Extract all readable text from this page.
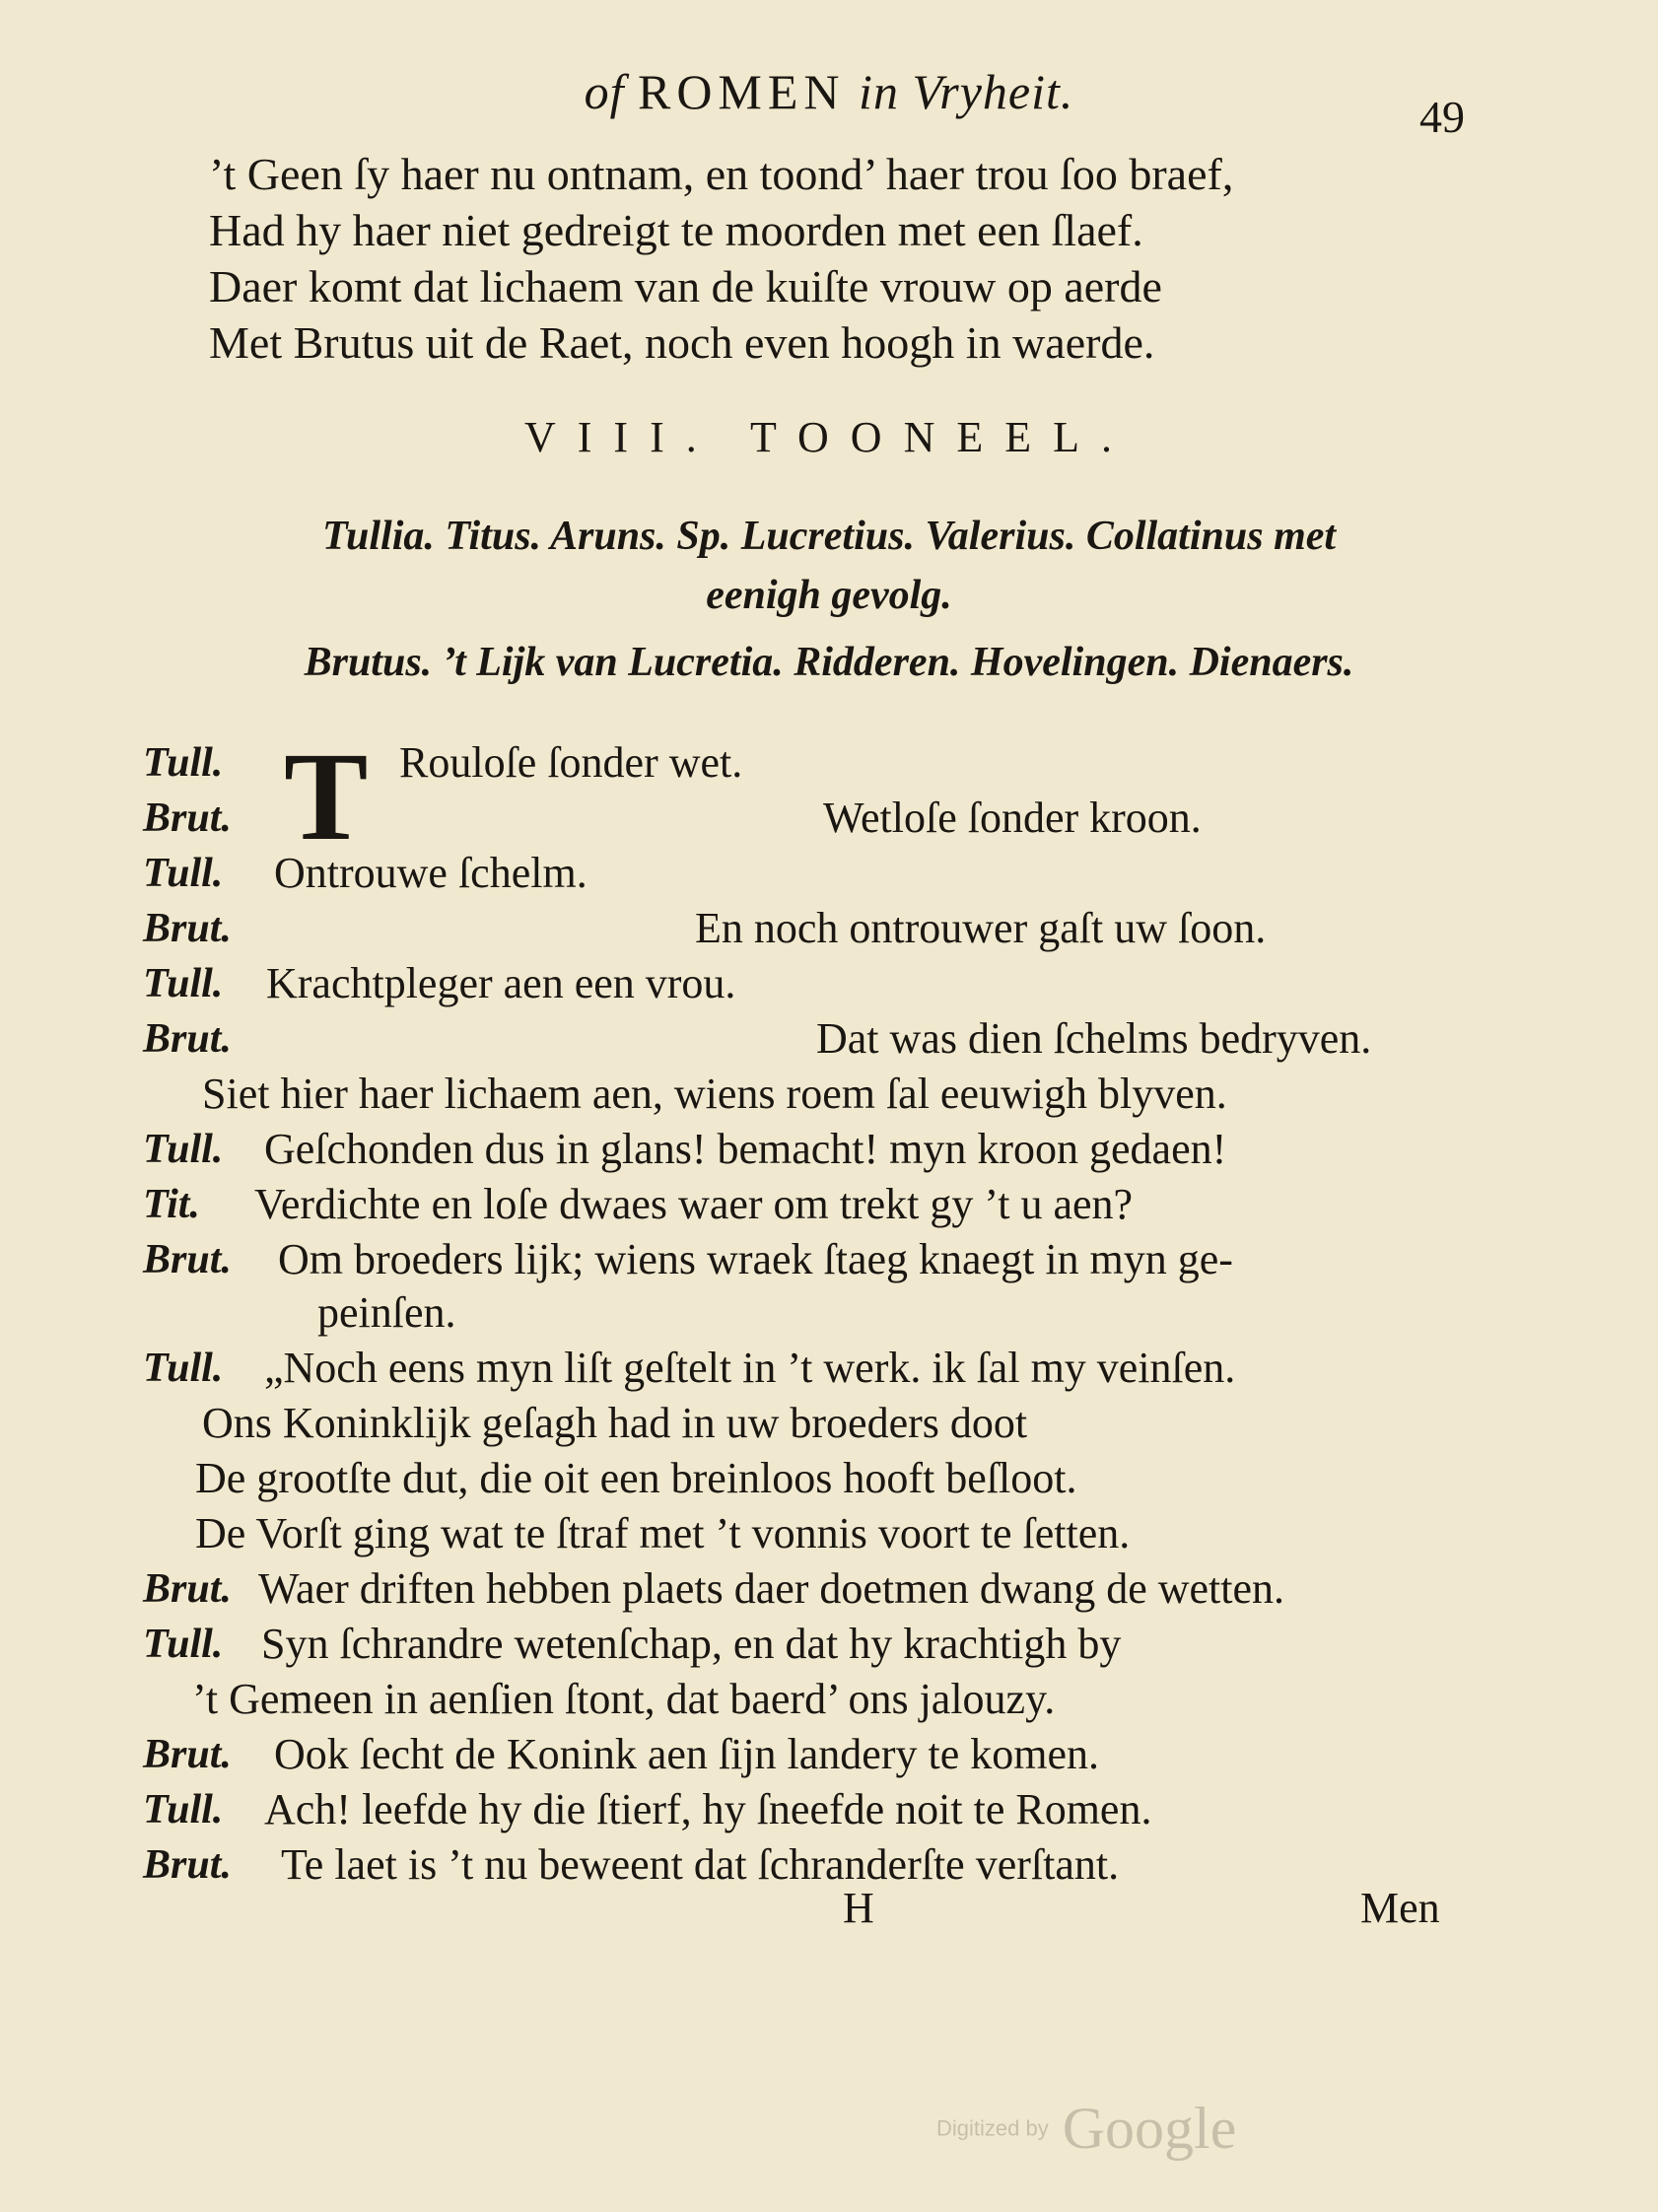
of ROMEN in Vryheit.	49
’t Geen ſy haer nu ontnam, en toond’ haer trou ſoo braef,
Had hy haer niet gedreigt te moorden met een ſlaef.
Daer komt dat lichaem van de kuiſte vrouw op aerde
Met Brutus uit de Raet, noch even hoogh in waerde.
VIII. TOONEEL.
Tullia. Titus. Aruns. Sp. Lucretius. Valerius. Collatinus met
eenigh gevolg.
Brutus. ’t Lijk van Lucretia. Ridderen. Hovelingen. Dienaers.
T
Tull.	Rouloſe ſonder wet.
Brut.	Wetloſe ſonder kroon.
Tull. Ontrouwe ſchelm.
Brut.	En noch ontrouwer gaſt uw ſoon.
Tull. Krachtpleger aen een vrou.
Brut.	Dat was dien ſchelms bedryven.
Siet hier haer lichaem aen, wiens roem ſal eeuwigh blyven.
Tull. Geſchonden dus in glans! bemacht! myn kroon gedaen!
Tit. Verdichte en loſe dwaes waer om trekt gy ’t u aen?
Brut. Om broeders lijk; wiens wraek ſtaeg knaegt in myn ge-
peinſen.
Tull. „Noch eens myn liſt geſtelt in ’t werk. ik ſal my veinſen.
Ons Koninklijk geſagh had in uw broeders doot
De grootſte dut, die oit een breinloos hooft beſloot.
De Vorſt ging wat te ſtraf met ’t vonnis voort te ſetten.
Brut. Waer driften hebben plaets daer doetmen dwang de wetten.
Tull. Syn ſchrandre wetenſchap, en dat hy krachtigh by
’t Gemeen in aenſien ſtont, dat baerd’ ons jalouzy.
Brut. Ook ſecht de Konink aen ſijn landery te komen.
Tull. Ach! leefde hy die ſtierf, hy ſneefde noit te Romen.
Brut. Te laet is ’t nu beweent dat ſchranderſte verſtant.
H	Men
Digitized by Google
